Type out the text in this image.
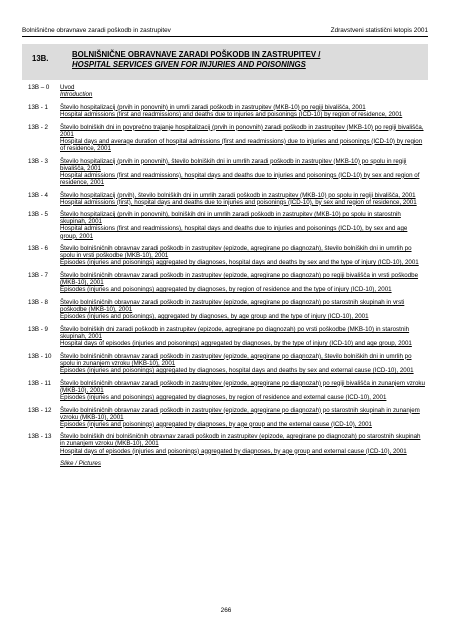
Bolnišnične obravnave zaradi poškodb in zastrupitev	Zdravstveni statistični letopis 2001
13B.	BOLNIŠNIČNE OBRAVNAVE ZARADI POŠKODB IN ZASTRUPITEV /
HOSPITAL SERVICES GIVEN FOR INJURIES AND POISONINGS
13B – 0	Uvod
Introduction
13B - 1	Število hospitalizacij (prvih in ponovnih) in umrli zaradi poškodb in zastrupitev (MKB-10) po regiji bivališča, 2001
Hospital admissions (first and readmissions) and deaths due to injuries and poisonings (ICD-10) by region of residence, 2001
13B - 2	Število bolniških dni in povprečno trajanje hospitalizacij (prvih in ponovnih) zaradi poškodb in zastrupitev (MKB-10) po regiji bivališča, 2001
Hospital days and average duration of hospital admissions (first and readmissions) due to injuries and poisonings (ICD-10) by region of residence, 2001
13B - 3	Število hospitalizacij (prvih in ponovnih), število bolniških dni in umrlih zaradi poškodb in zastrupitev (MKB-10) po spolu in regiji bivališča, 2001
Hospital admissions (first and readmissions), hospital days and deaths due to injuries and poisonings (ICD-10) by sex and region of residence, 2001
13B - 4	Število hospitalizacij (prvih), število bolniških dni in umrlih zaradi poškodb in zastrupitev (MKB-10) po spolu in regiji bivališča, 2001
Hospital admissions (first), hospital days and deaths due to injuries and poisonings (ICD-10), by sex and region of residence, 2001
13B - 5	Število hospitalizacij (prvih in ponovnih), bolniških dni in umrlih zaradi poškodb in zastrupitev (MKB-10) po spolu in starostnih skupinah, 2001
Hospital admissions (first and readmissions), hospital days and deaths due to injuries and poisonings (ICD-10), by sex and age group, 2001
13B - 6	Število bolnišničnih obravnav zaradi poškodb in zastrupitev (epizode, agregirane po diagnozah), število bolniških dni in umrlih po spolu in vrsti poškodbe (MKB-10), 2001
Episodes (injuries and poisonings) aggregated by diagnoses, hospital days and deaths by sex and the type of injury (ICD-10), 2001
13B - 7	Število bolnišničnih obravnav zaradi poškodb in zastrupitev (epizode, agregirane po diagnozah) po regiji bivališča in vrsti poškodbe (MKB-10), 2001
Episodes (injuries and poisonings) aggregated by diagnoses, by region of residence and the type of injury (ICD-10), 2001
13B - 8	Število bolnišničnih obravnav zaradi poškodb in zastrupitev (epizode, agregirane po diagnozah) po starostnih skupinah in vrsti poškodbe (MKB-10), 2001
Episodes (injuries and poisonings), aggregated by diagnoses, by age group and the type of injury (ICD-10), 2001
13B - 9	Število bolniških dni zaradi poškodb in zastrupitev (epizode, agregirane po diagnozah) po vrsti poškodbe (MKB-10) in starostnih skupinah, 2001
Hospital days of episodes (injuries and poisonings) aggregated by diagnoses, by the type of injury (ICD-10) and age group, 2001
13B - 10	Število bolnišničnih obravnav zaradi poškodb in zastrupitev (epizode, agregirane po diagnozah), število bolniških dni in umrlih po spolu in zunanjem vzroku (MKB-10), 2001
Episodes (injuries and poisonings) aggregated by diagnoses, hospital days and deaths by sex and external cause (ICD-10), 2001
13B - 11	Število bolnišničnih obravnav zaradi poškodb in zastrupitev (epizode, agregirane po diagnozah) po regiji bivališča in zunanjem vzroku (MKB-10), 2001
Episodes (injuries and poisonings) aggregated by diagnoses, by region of residence and external cause (ICD-10), 2001
13B - 12	Število bolnišničnih obravnav zaradi poškodb in zastrupitev (epizode, agregirane po diagnozah) po starostnih skupinah in zunanjem vzroku (MKB-10), 2001
Episodes (injuries and poisonings) aggregated by diagnoses, by age group and the external cause (ICD-10), 2001
13B - 13	Število bolniških dni bolnišničnih obravnav zaradi poškodb in zastrupitev (epizode, agregirane po diagnozah) po starostnih skupinah in zunanjem vzroku (MKB-10), 2001
Hospital days of episodes (injuries and poisonings) aggregated by diagnoses, by age group and external cause (ICD-10), 2001
Slike / Pictures
266
